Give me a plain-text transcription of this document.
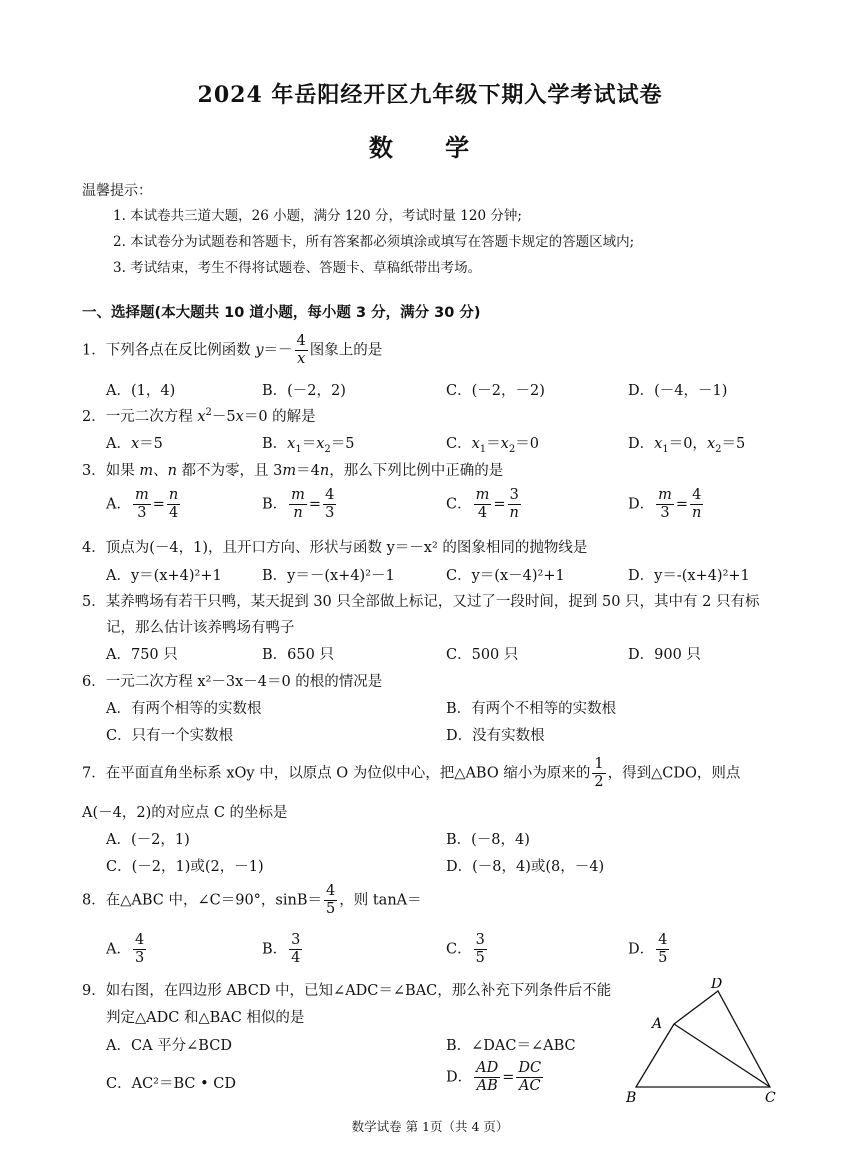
2024 年岳阳经开区九年级下期入学考试试卷
数 学
温馨提示：
1. 本试卷共三道大题，26 小题，满分 120 分，考试时量 120 分钟;
2. 本试卷分为试题卷和答题卡，所有答案都必须填涂或填写在答题卡规定的答题区域内;
3. 考试结束，考生不得将试题卷、答题卡、草稿纸带出考场。
一、选择题(本大题共 10 道小题，每小题 3 分，满分 30 分)
1．下列各点在反比例函数 $y=- \frac{4}{x}$ 图象上的是
A．(1，4)	B．(－2，2)	C．(－2，－2)	D．(－4，－1)
2．一元二次方程 $x^2-5x=0$ 的解是
A．x＝5	B．$x_1=x_2=5$	C．$x_1=x_2=0$	D．$x_1=0$，$x_2=5$
3．如果 m、n 都不为零，且 3m＝4n，那么下列比例中正确的是
A． $\frac{m}{3} = \frac{n}{4}$	B． $\frac{m}{n} = \frac{4}{3}$	C． $\frac{m}{4} = \frac{3}{n}$	D． $\frac{m}{3} = \frac{4}{n}$
4．顶点为(－4，1)，且开口方向、形状与函数 y＝－x² 的图象相同的抛物线是
A．y＝(x+4)²+1	B．y＝－(x+4)²－1	C．y＝(x－4)²+1	D．y＝-(x+4)²+1
5．某养鸭场有若干只鸭，某天捉到 30 只全部做上标记，又过了一段时间，捉到 50 只，其中有 2 只有标
记，那么估计该养鸭场有鸭子
A．750 只	B．650 只	C．500 只	D．900 只
6．一元二次方程 x²－3x－4＝0 的根的情况是
A．有两个相等的实数根	B．有两个不相等的实数根
C．只有一个实数根	D．没有实数根
7．在平面直角坐标系 xOy 中，以原点 O 为位似中心，把△ABO 缩小为原来的 $\frac{1}{2}$ ，得到△CDO，则点
A(－4，2)的对应点 C 的坐标是
A．(－2，1)	B．(－8，4)
C．(－2，1)或(2，－1)	D．(－8，4)或(8，－4)
8．在△ABC 中，∠C＝90°，$\sin B= \frac{4}{5}$ ，则 tanA＝
A． $\frac{4}{3}$	B． $\frac{3}{4}$	C． $\frac{3}{5}$	D． $\frac{4}{5}$
9．如右图，在四边形 ABCD 中，已知∠ADC＝∠BAC，那么补充下列条件后不能
判定△ADC 和△BAC 相似的是
A．CA 平分∠BCD	B．∠DAC＝∠ABC
C．AC²＝BC • CD	D． $\frac{AD}{AB} = \frac{DC}{AC}$
D
A
B	C
数学试卷 第 1页（共 4 页）
